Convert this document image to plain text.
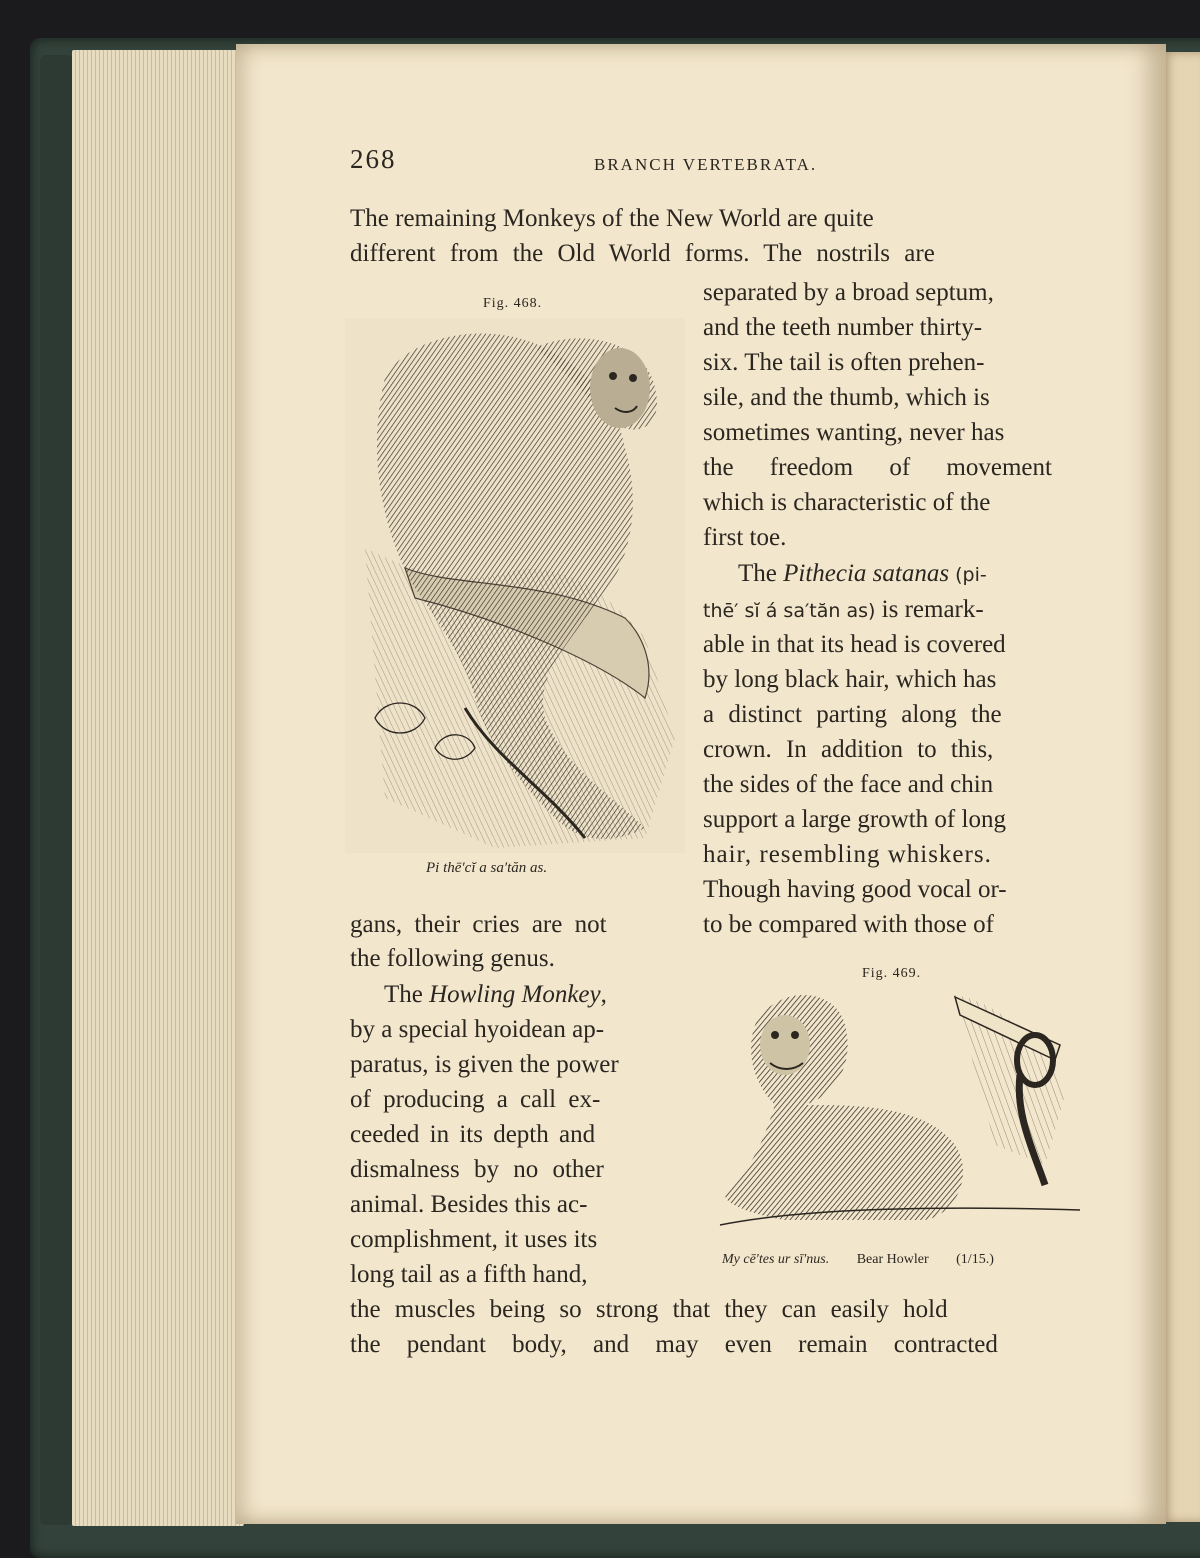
268	BRANCH VERTEBRATA.
The remaining Monkeys of the New World are quite
different from the Old World forms. The nostrils are
Fig. 468.
Pi thē′cĭ a sa′tăn as.
separated by a broad septum,
and the teeth number thirty-
six. The tail is often prehen-
sile, and the thumb, which is
sometimes wanting, never has
the freedom of movement
which is characteristic of the
first toe.
The Pithecia satanas (pi-
thē′ sĭ á sa′tăn as) is remark-
able in that its head is covered
by long black hair, which has
a distinct parting along the
crown. In addition to this,
the sides of the face and chin
support a large growth of long
hair, resembling whiskers.
Though having good vocal or-
gans, their cries are not	to be compared with those of
the following genus.
The Howling Monkey,
by a special hyoidean ap-
paratus, is given the power
of producing a call ex-
ceeded in its depth and
dismalness by no other
animal. Besides this ac-
complishment, it uses its
long tail as a fifth hand,
Fig. 469.
My cē′tes ur sī′nus. Bear Howler (1/15.)
the muscles being so strong that they can easily hold
the pendant body, and may even remain contracted
